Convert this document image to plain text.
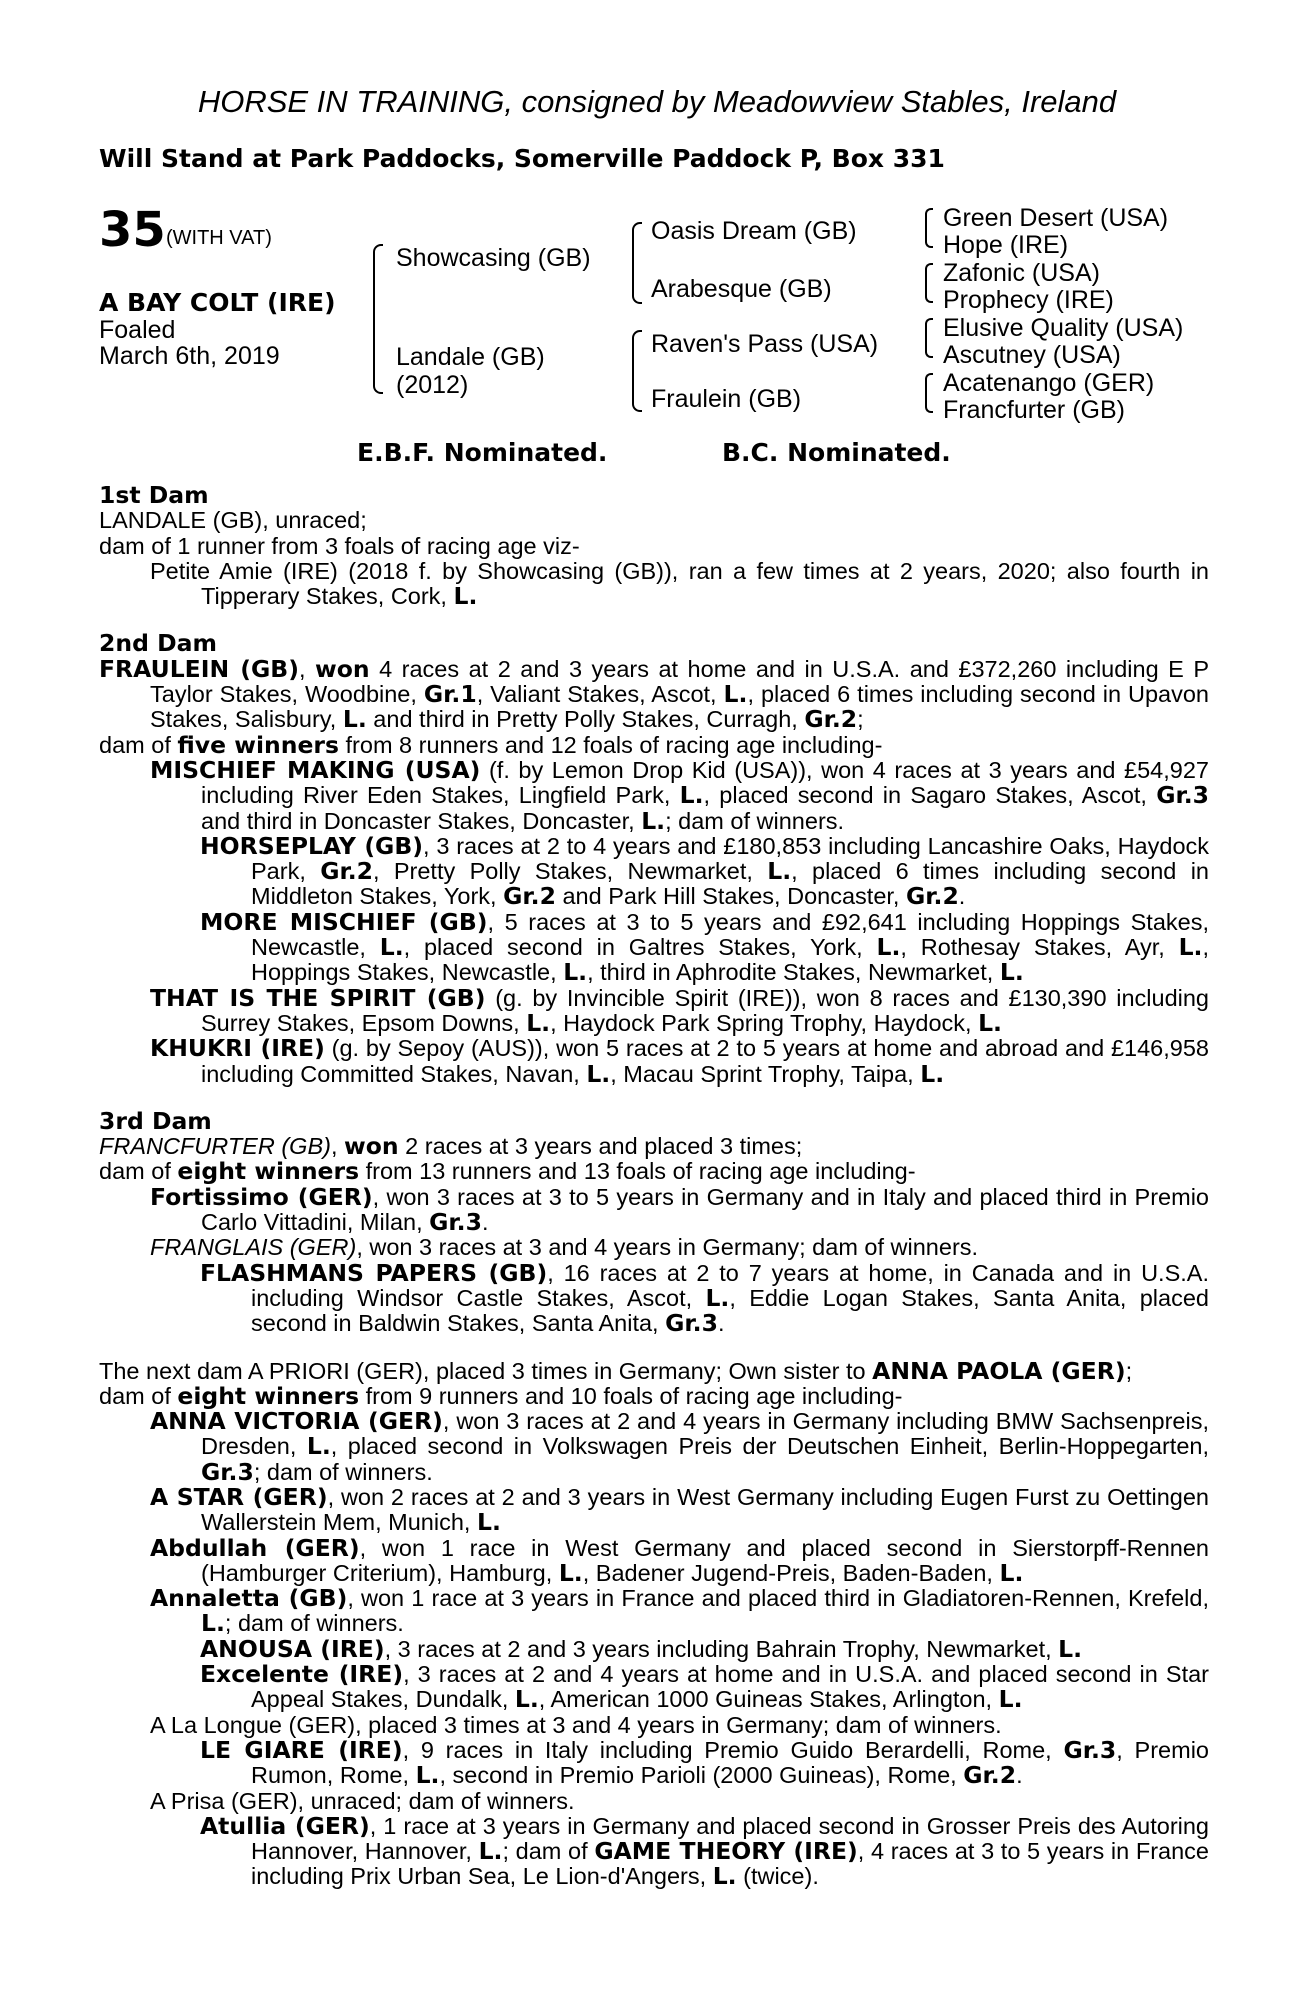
HORSE IN TRAINING, consigned by Meadowview Stables, Ireland
Will Stand at Park Paddocks, Somerville Paddock P, Box 331
35 (WITH VAT)
A BAY COLT (IRE)
Foaled
March 6th, 2019
Showcasing (GB)
Landale (GB)
(2012)
Oasis Dream (GB)
Arabesque (GB)
Raven's Pass (USA)
Fraulein (GB)
Green Desert (USA)
Hope (IRE)
Zafonic (USA)
Prophecy (IRE)
Elusive Quality (USA)
Ascutney (USA)
Acatenango (GER)
Francfurter (GB)
E.B.F. Nominated.	B.C. Nominated.

1st Dam

LANDALE (GB), unraced;

dam of 1 runner from 3 foals of racing age viz-

Petite Amie (IRE) (2018 f. by Showcasing (GB)), ran a few times at 2 years, 2020; also fourth in Tipperary Stakes, Cork, L.

2nd Dam

FRAULEIN (GB), won 4 races at 2 and 3 years at home and in U.S.A. and £372,260 including E P Taylor Stakes, Woodbine, Gr.1, Valiant Stakes, Ascot, L., placed 6 times including second in Upavon Stakes, Salisbury, L. and third in Pretty Polly Stakes, Curragh, Gr.2;

dam of five winners from 8 runners and 12 foals of racing age including-

MISCHIEF MAKING (USA) (f. by Lemon Drop Kid (USA)), won 4 races at 3 years and £54,927 including River Eden Stakes, Lingfield Park, L., placed second in Sagaro Stakes, Ascot, Gr.3 and third in Doncaster Stakes, Doncaster, L.; dam of winners.

HORSEPLAY (GB), 3 races at 2 to 4 years and £180,853 including Lancashire Oaks, Haydock Park, Gr.2, Pretty Polly Stakes, Newmarket, L., placed 6 times including second in Middleton Stakes, York, Gr.2 and Park Hill Stakes, Doncaster, Gr.2.

MORE MISCHIEF (GB), 5 races at 3 to 5 years and £92,641 including Hoppings Stakes, Newcastle, L., placed second in Galtres Stakes, York, L., Rothesay Stakes, Ayr, L., Hoppings Stakes, Newcastle, L., third in Aphrodite Stakes, Newmarket, L.

THAT IS THE SPIRIT (GB) (g. by Invincible Spirit (IRE)), won 8 races and £130,390 including Surrey Stakes, Epsom Downs, L., Haydock Park Spring Trophy, Haydock, L.

KHUKRI (IRE) (g. by Sepoy (AUS)), won 5 races at 2 to 5 years at home and abroad and £146,958 including Committed Stakes, Navan, L., Macau Sprint Trophy, Taipa, L.

3rd Dam

FRANCFURTER (GB), won 2 races at 3 years and placed 3 times;

dam of eight winners from 13 runners and 13 foals of racing age including-

Fortissimo (GER), won 3 races at 3 to 5 years in Germany and in Italy and placed third in Premio Carlo Vittadini, Milan, Gr.3.

FRANGLAIS (GER), won 3 races at 3 and 4 years in Germany; dam of winners.

FLASHMANS PAPERS (GB), 16 races at 2 to 7 years at home, in Canada and in U.S.A. including Windsor Castle Stakes, Ascot, L., Eddie Logan Stakes, Santa Anita, placed second in Baldwin Stakes, Santa Anita, Gr.3.

The next dam A PRIORI (GER), placed 3 times in Germany; Own sister to ANNA PAOLA (GER);

dam of eight winners from 9 runners and 10 foals of racing age including-

ANNA VICTORIA (GER), won 3 races at 2 and 4 years in Germany including BMW Sachsenpreis, Dresden, L., placed second in Volkswagen Preis der Deutschen Einheit, Berlin-Hoppegarten, Gr.3; dam of winners.

A STAR (GER), won 2 races at 2 and 3 years in West Germany including Eugen Furst zu Oettingen Wallerstein Mem, Munich, L.

Abdullah (GER), won 1 race in West Germany and placed second in Sierstorpff-Rennen (Hamburger Criterium), Hamburg, L., Badener Jugend-Preis, Baden-Baden, L.

Annaletta (GB), won 1 race at 3 years in France and placed third in Gladiatoren-Rennen, Krefeld, L.; dam of winners.

ANOUSA (IRE), 3 races at 2 and 3 years including Bahrain Trophy, Newmarket, L.

Excelente (IRE), 3 races at 2 and 4 years at home and in U.S.A. and placed second in Star Appeal Stakes, Dundalk, L., American 1000 Guineas Stakes, Arlington, L.

A La Longue (GER), placed 3 times at 3 and 4 years in Germany; dam of winners.

LE GIARE (IRE), 9 races in Italy including Premio Guido Berardelli, Rome, Gr.3, Premio Rumon, Rome, L., second in Premio Parioli (2000 Guineas), Rome, Gr.2.

A Prisa (GER), unraced; dam of winners.

Atullia (GER), 1 race at 3 years in Germany and placed second in Grosser Preis des Autoring Hannover, Hannover, L.; dam of GAME THEORY (IRE), 4 races at 3 to 5 years in France including Prix Urban Sea, Le Lion-d'Angers, L. (twice).
